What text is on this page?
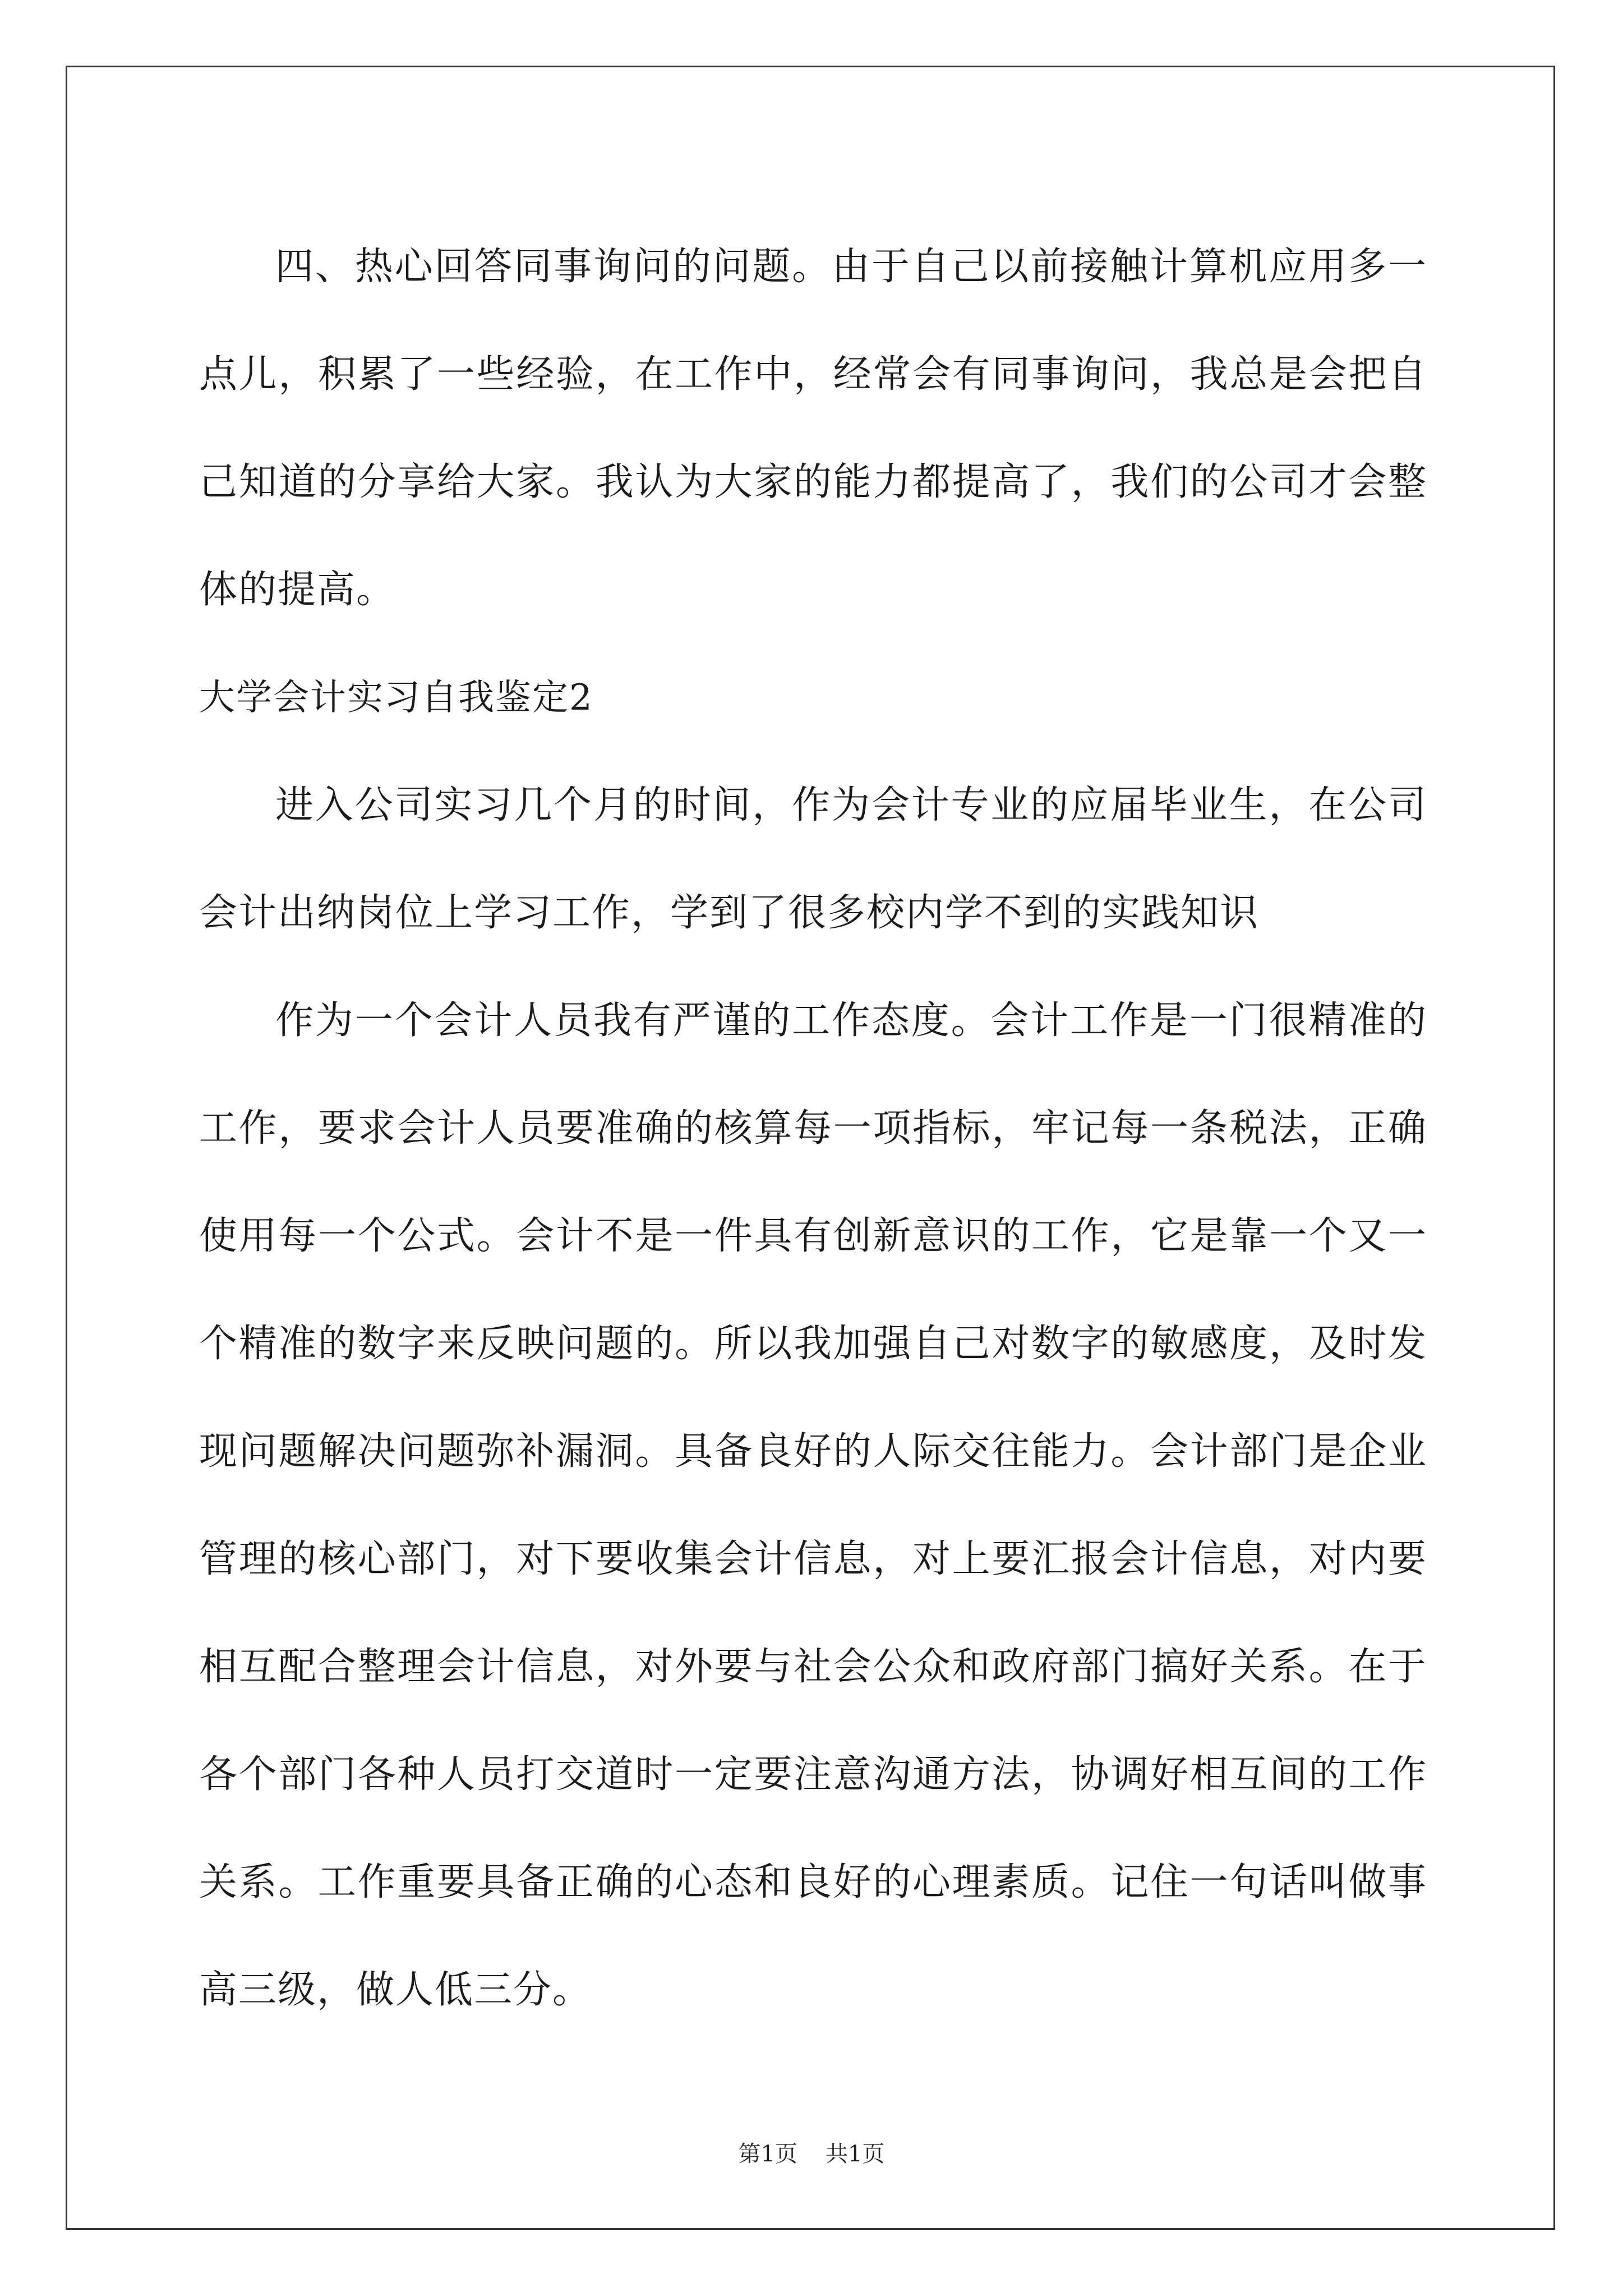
四、热心回答同事询问的问题。由于自己以前接触计算机应用多一点儿，积累了一些经验，在工作中，经常会有同事询问，我总是会把自己知道的分享给大家。我认为大家的能力都提高了，我们的公司才会整体的提高。

大学会计实习自我鉴定2

进入公司实习几个月的时间，作为会计专业的应届毕业生，在公司会计出纳岗位上学习工作，学到了很多校内学不到的实践知识

作为一个会计人员我有严谨的工作态度。会计工作是一门很精准的工作，要求会计人员要准确的核算每一项指标，牢记每一条税法，正确使用每一个公式。会计不是一件具有创新意识的工作，它是靠一个又一个精准的数字来反映问题的。所以我加强自己对数字的敏感度，及时发现问题解决问题弥补漏洞。具备良好的人际交往能力。会计部门是企业管理的核心部门，对下要收集会计信息，对上要汇报会计信息，对内要相互配合整理会计信息，对外要与社会公众和政府部门搞好关系。在于各个部门各种人员打交道时一定要注意沟通方法，协调好相互间的工作关系。工作重要具备正确的心态和良好的心理素质。记住一句话叫做事高三级，做人低三分。

第1页 共1页
